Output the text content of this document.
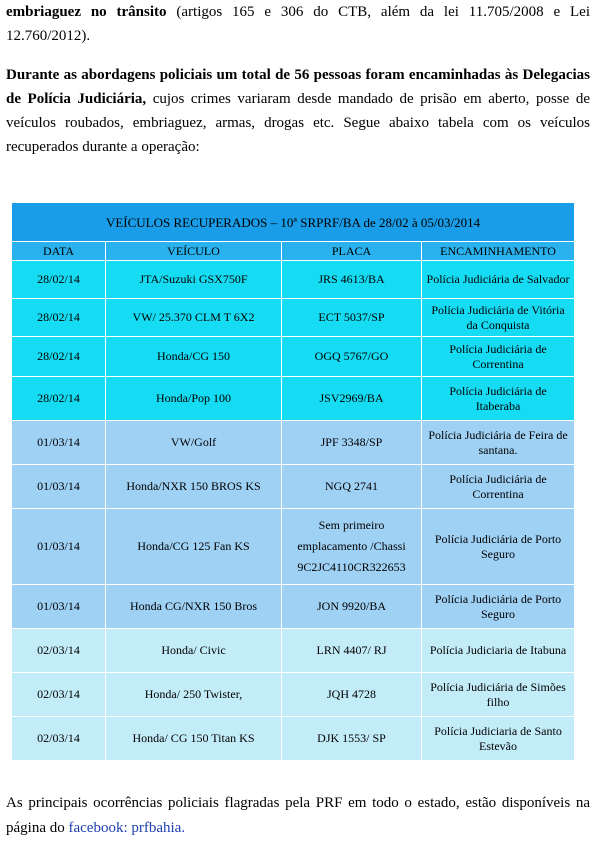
embriaguez no trânsito (artigos 165 e 306 do CTB, além da lei 11.705/2008 e Lei 12.760/2012).

Durante as abordagens policiais um total de 56 pessoas foram encaminhadas às Delegacias de Polícia Judiciária, cujos crimes variaram desde mandado de prisão em aberto, posse de veículos roubados, embriaguez, armas, drogas etc. Segue abaixo tabela com os veículos recuperados durante a operação:

VEÍCULOS RECUPERADOS – 10ª SRPRF/BA de 28/02 à 05/03/2014			
DATA	VEÍCULO	PLACA	ENCAMINHAMENTO
28/02/14	JTA/Suzuki GSX750F	JRS 4613/BA	Polícia Judiciária de Salvador
28/02/14	VW/ 25.370 CLM T 6X2	ECT 5037/SP	Polícia Judiciária de Vitória da Conquista
28/02/14	Honda/CG 150	OGQ 5767/GO	Polícia Judiciária de Correntina
28/02/14	Honda/Pop 100	JSV2969/BA	Polícia Judiciária de Itaberaba
01/03/14	VW/Golf	JPF 3348/SP	Polícia Judiciária de Feira de santana.
01/03/14	Honda/NXR 150 BROS KS	NGQ 2741	Polícia Judiciária de Correntina
01/03/14	Honda/CG 125 Fan KS	Sem primeiro emplacamento /Chassi 9C2JC4110CR322653	Polícia Judiciária de Porto Seguro
01/03/14	Honda CG/NXR 150 Bros	JON 9920/BA	Polícia Judiciária de Porto Seguro
02/03/14	Honda/ Civic	LRN 4407/ RJ	Polícia Judiciaria de Itabuna
02/03/14	Honda/ 250 Twister,	JQH 4728	Polícia Judiciária de Simões filho
02/03/14	Honda/ CG 150 Titan KS	DJK 1553/ SP	Polícia Judiciaria de Santo Estevão

As principais ocorrências policiais flagradas pela PRF em todo o estado, estão disponíveis na página do facebook: prfbahia.
